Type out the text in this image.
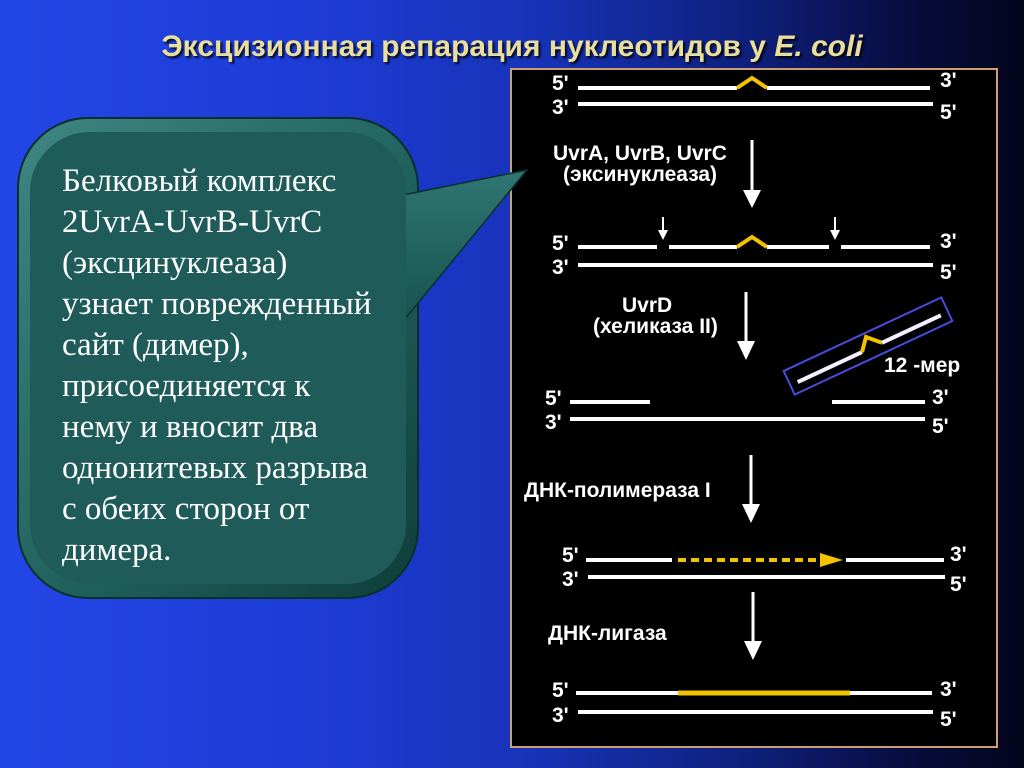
Эксцизионная репарация нуклеотидов у E. coli
Белковый комплекс
2UvrA-UvrB-UvrC
(эксцинуклеаза)
узнает поврежденный
сайт (димер),
присоединяется к
нему и вносит два
однонитевых разрыва
с обеих сторон от
димера.
5'	3'
3'	5'
UvrA, UvrB, UvrC
(эксинуклеаза)
5'	3'
3'	5'
UvrD
(хеликаза II)
12 -мер
5'	3'
3'	5'
ДНК-полимераза I
5'	3'
3'	5'
ДНК-лигаза
5'	3'
3'	5'
